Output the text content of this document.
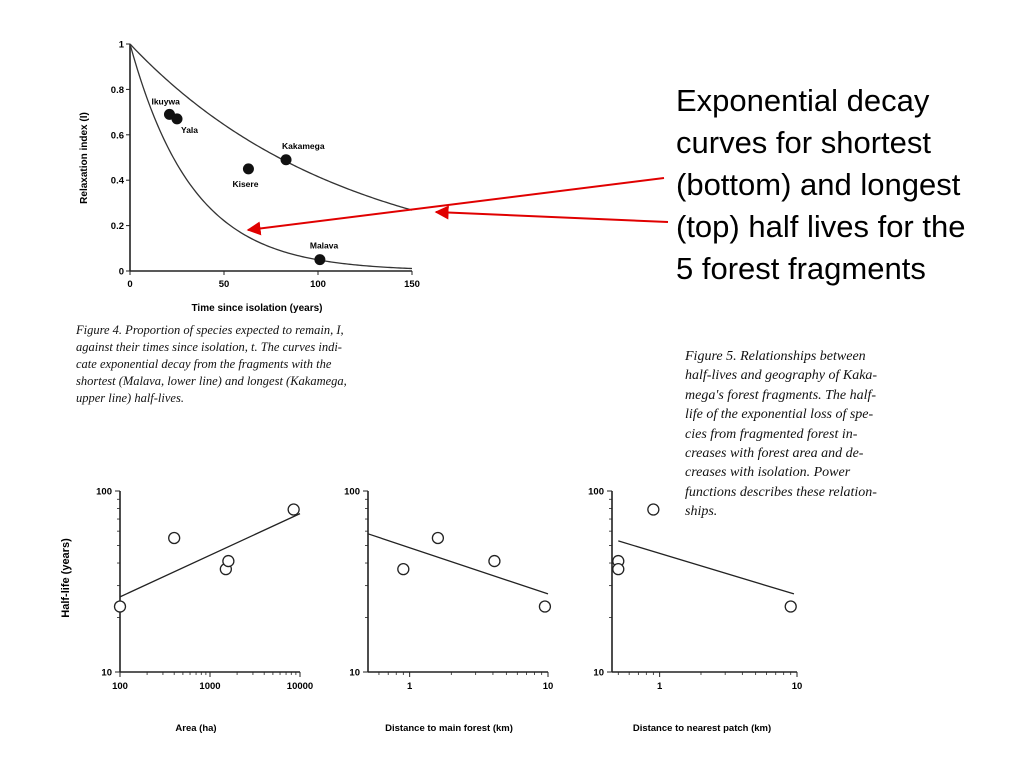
0	50	100	150
0
0.2
0.4
0.6
0.8
1
Ikuywa
Yala
Kisere
Kakamega
Malava
Time since isolation (years)
Relaxation index (I)
10
100
100	1000	10000
Area (ha)
Half-life (years)
10
100
1	10
Distance to main forest (km)
10
100
1	10
Distance to nearest patch (km)
Exponential decay
curves for shortest
(bottom) and longest
(top) half lives for the
5 forest fragments
Figure 4. Proportion of species expected to remain, I,
against their times since isolation, t. The curves indi-
cate exponential decay from the fragments with the
shortest (Malava, lower line) and longest (Kakamega,
upper line) half-lives.
Figure 5. Relationships between
half-lives and geography of Kaka-
mega's forest fragments. The half-
life of the exponential loss of spe-
cies from fragmented forest in-
creases with forest area and de-
creases with isolation. Power
functions describes these relation-
ships.
